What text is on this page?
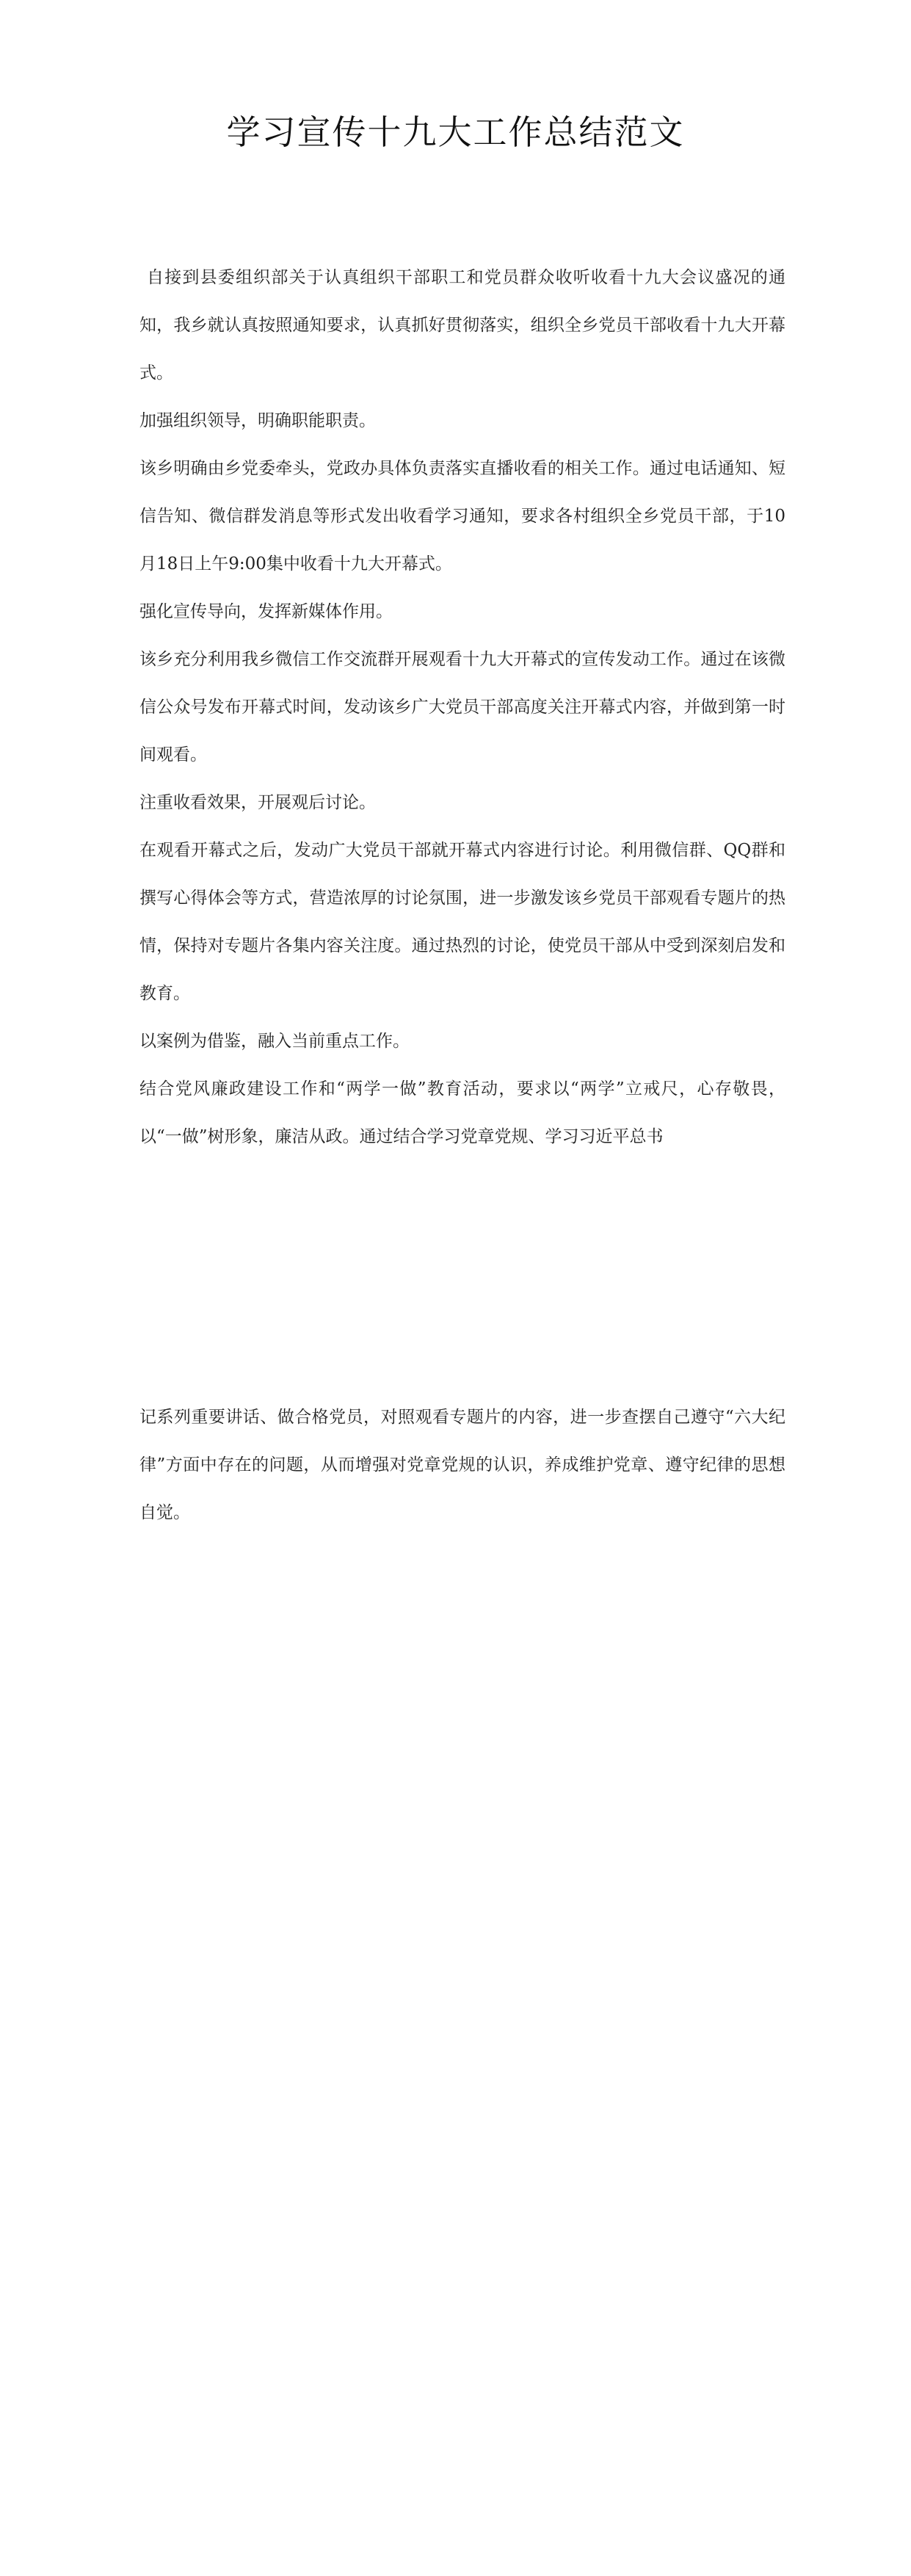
学习宣传十九大工作总结范文

自接到县委组织部关于认真组织干部职工和党员群众收听收看十九大会议盛况的通知，我乡就认真按照通知要求，认真抓好贯彻落实，组织全乡党员干部收看十九大开幕式。

加强组织领导，明确职能职责。

该乡明确由乡党委牵头，党政办具体负责落实直播收看的相关工作。通过电话通知、短信告知、微信群发消息等形式发出收看学习通知，要求各村组织全乡党员干部，于10月18日上午9:00集中收看十九大开幕式。

强化宣传导向，发挥新媒体作用。

该乡充分利用我乡微信工作交流群开展观看十九大开幕式的宣传发动工作。通过在该微信公众号发布开幕式时间，发动该乡广大党员干部高度关注开幕式内容，并做到第一时间观看。

注重收看效果，开展观后讨论。

在观看开幕式之后，发动广大党员干部就开幕式内容进行讨论。利用微信群、QQ群和撰写心得体会等方式，营造浓厚的讨论氛围，进一步激发该乡党员干部观看专题片的热情，保持对专题片各集内容关注度。通过热烈的讨论，使党员干部从中受到深刻启发和教育。

以案例为借鉴，融入当前重点工作。

结合党风廉政建设工作和“两学一做”教育活动，要求以“两学”立戒尺，心存敬畏，以“一做”树形象，廉洁从政。通过结合学习党章党规、学习习近平总书

记系列重要讲话、做合格党员，对照观看专题片的内容，进一步查摆自己遵守“六大纪律”方面中存在的问题，从而增强对党章党规的认识，养成维护党章、遵守纪律的思想自觉。
